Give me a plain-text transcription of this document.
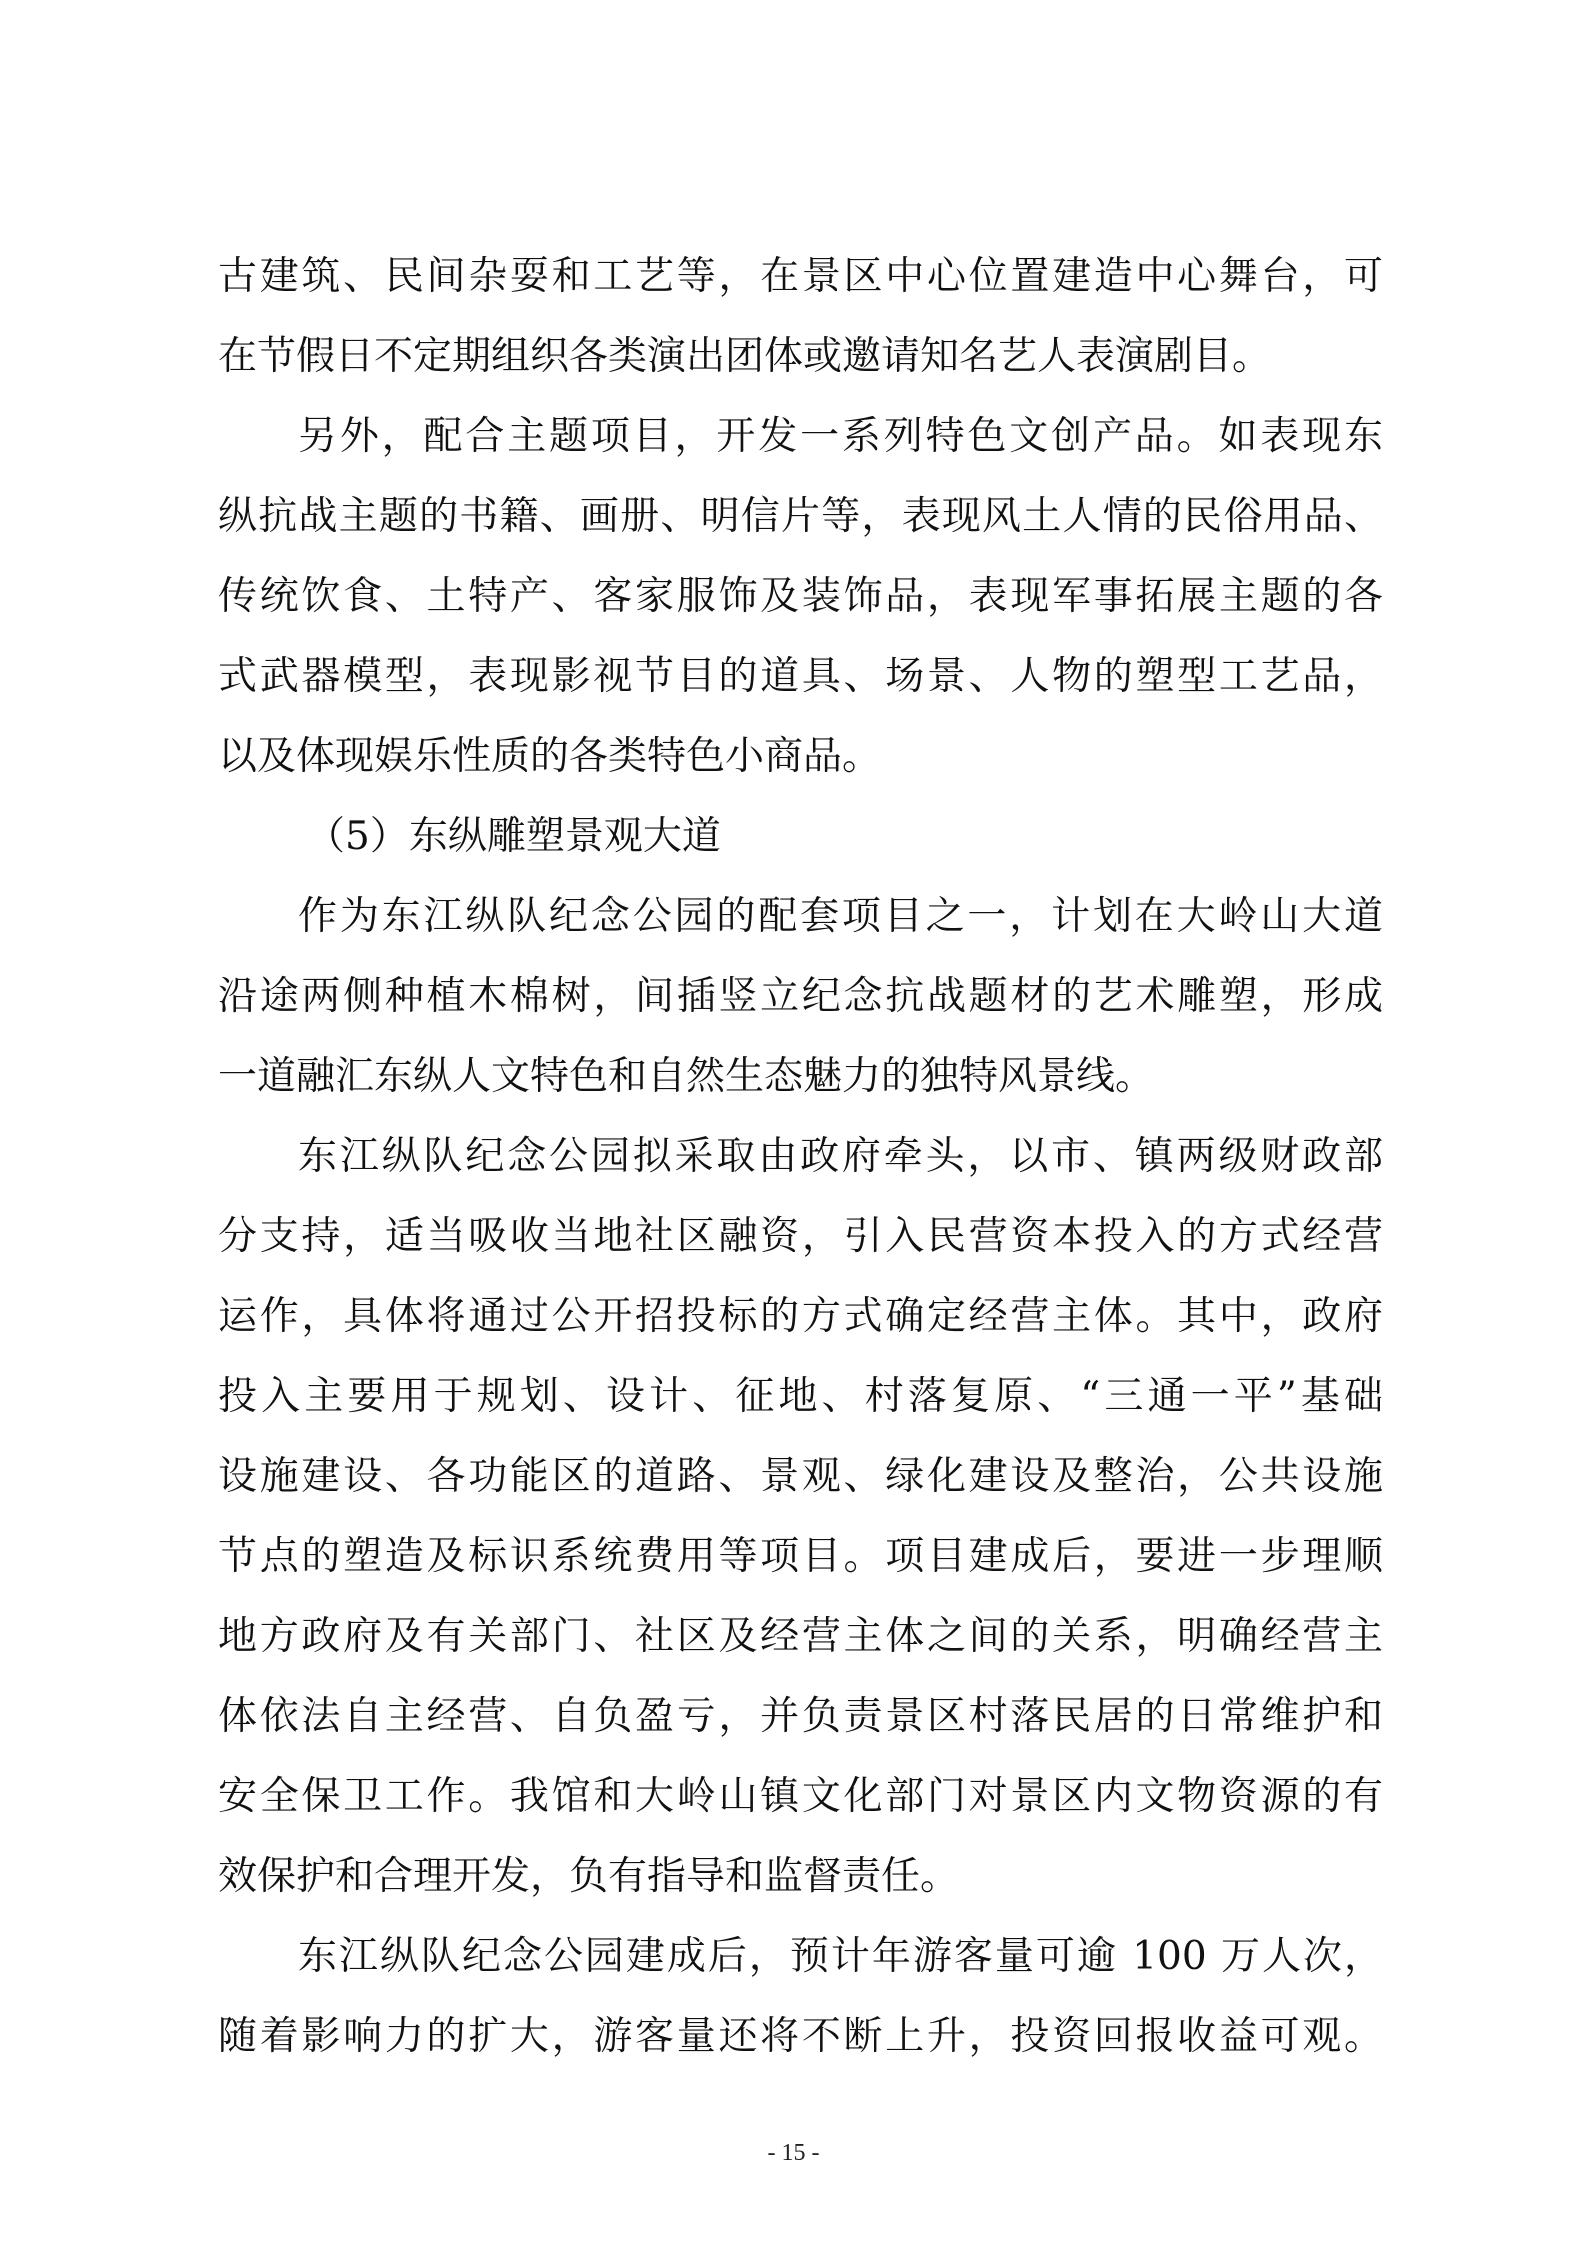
古建筑、民间杂耍和工艺等，在景区中心位置建造中心舞台，可
在节假日不定期组织各类演出团体或邀请知名艺人表演剧目。
另外，配合主题项目，开发一系列特色文创产品。如表现东
纵抗战主题的书籍、画册、明信片等，表现风土人情的民俗用品、
传统饮食、土特产、客家服饰及装饰品，表现军事拓展主题的各
式武器模型，表现影视节目的道具、场景、人物的塑型工艺品，
以及体现娱乐性质的各类特色小商品。
（5）东纵雕塑景观大道
作为东江纵队纪念公园的配套项目之一，计划在大岭山大道
沿途两侧种植木棉树，间插竖立纪念抗战题材的艺术雕塑，形成
一道融汇东纵人文特色和自然生态魅力的独特风景线。
东江纵队纪念公园拟采取由政府牵头，以市、镇两级财政部
分支持，适当吸收当地社区融资，引入民营资本投入的方式经营
运作，具体将通过公开招投标的方式确定经营主体。其中，政府
投入主要用于规划、设计、征地、村落复原、“三通一平”基础
设施建设、各功能区的道路、景观、绿化建设及整治，公共设施
节点的塑造及标识系统费用等项目。项目建成后，要进一步理顺
地方政府及有关部门、社区及经营主体之间的关系，明确经营主
体依法自主经营、自负盈亏，并负责景区村落民居的日常维护和
安全保卫工作。我馆和大岭山镇文化部门对景区内文物资源的有
效保护和合理开发，负有指导和监督责任。
东江纵队纪念公园建成后，预计年游客量可逾 100 万人次，
随着影响力的扩大，游客量还将不断上升，投资回报收益可观。
- 15 -
